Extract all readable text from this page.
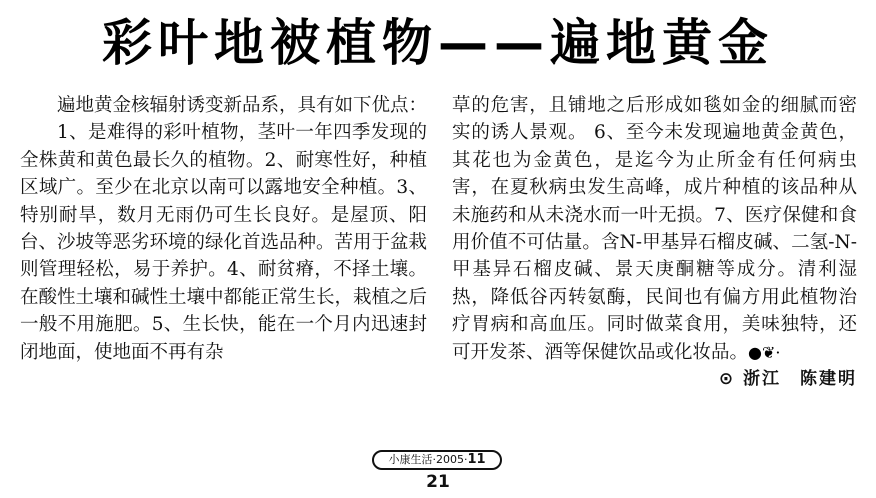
彩叶地被植物——遍地黄金

遍地黄金核辐射诱变新品系，具有如下优点：

1、是难得的彩叶植物，茎叶一年四季发现的全株黄和黄色最长久的植物。2、耐寒性好，种植区域广。至少在北京以南可以露地安全种植。3、 特别耐旱，数月无雨仍可生长良好。是屋顶、阳台、沙坡等恶劣环境的绿化首选品种。苦用于盆栽则管理轻松，易于养护。4、耐贫瘠，不择土壤。在酸性土壤和碱性土壤中都能正常生长，栽植之后一般不用施肥。5、生长快，能在一个月内迅速封闭地面，使地面不再有杂

草的危害，且铺地之后形成如毯如金的细腻而密实的诱人景观。 6、至今未发现遍地黄金黄色，其花也为金黄色，是迄今为止所金有任何病虫害，在夏秋病虫发生高峰，成片种植的该品种从未施药和从未浇水而一叶无损。7、医疗保健和食用价值不可估量。含N-甲基异石榴皮碱、二氢-N-甲基异石榴皮碱、景天庚酮糖等成分。清利湿热，降低谷丙转氨酶，民间也有偏方用此植物治疗胃病和高血压。同时做菜食用，美味独特，还可开发茶、酒等保健饮品或化妆品。●❦·

⊙ 浙江　陈建明
小康生活·2005·11
21
